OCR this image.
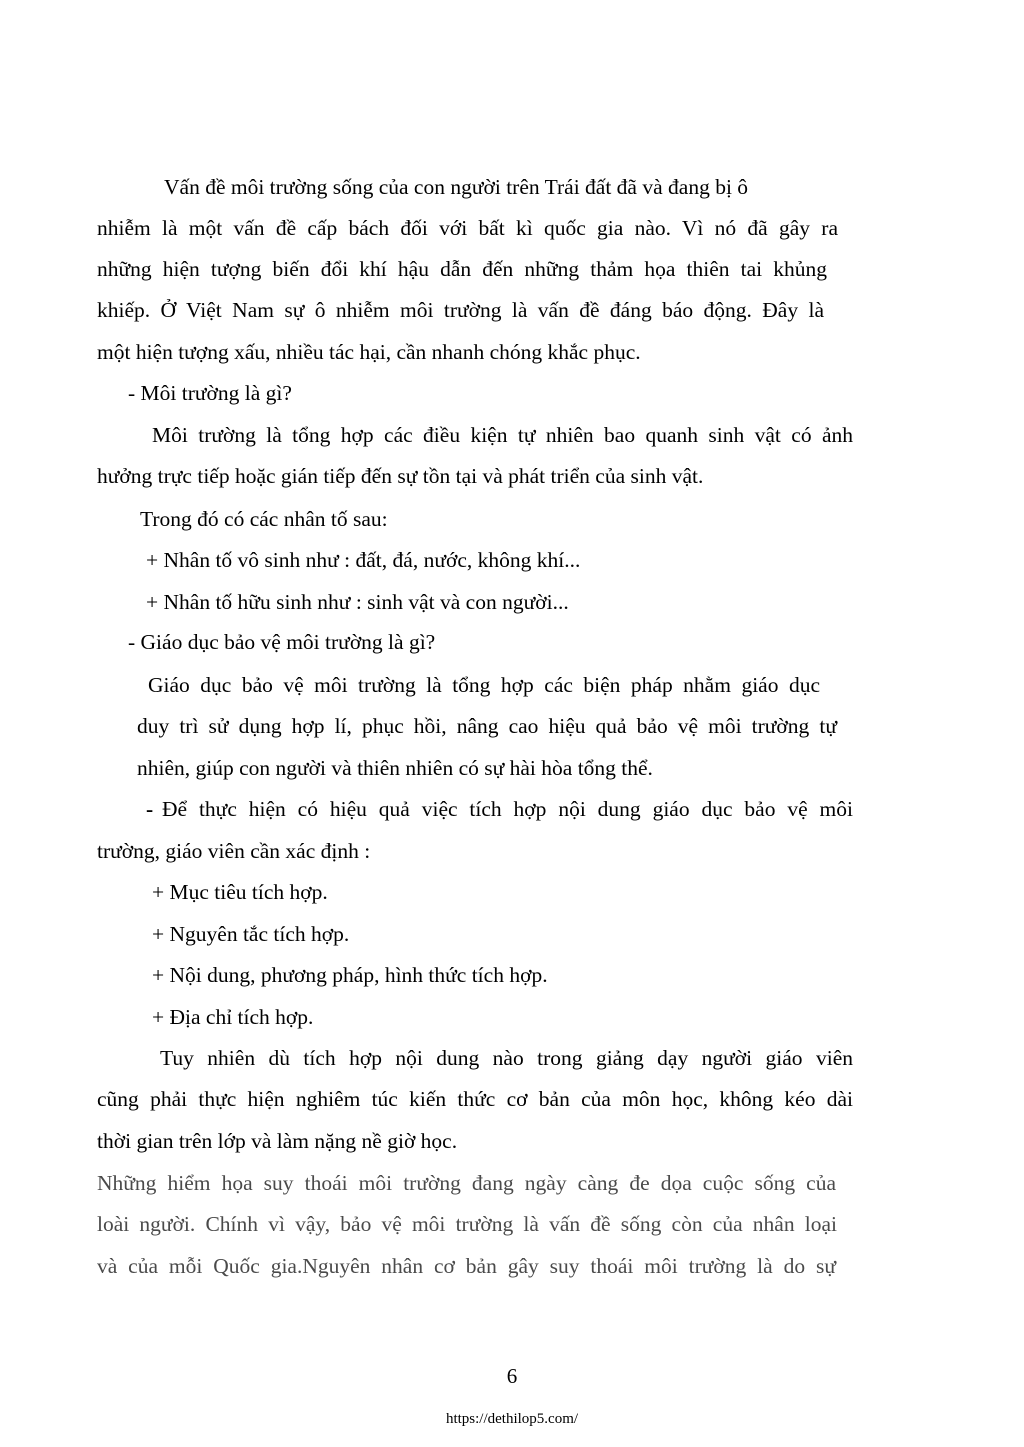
Vấn đề môi trường sống của con người trên Trái đất đã và đang bị ô
nhiễm là một vấn đề cấp bách đối với bất kì quốc gia nào. Vì nó đã gây ra
những hiện tượng biến đổi khí hậu dẫn đến những thảm họa thiên tai khủng
khiếp. Ở Việt Nam sự ô nhiễm môi trường là vấn đề đáng báo động. Đây là
một hiện tượng xấu, nhiều tác hại, cần nhanh chóng khắc phục.
- Môi trường là gì?
Môi trường là tổng hợp các điều kiện tự nhiên bao quanh sinh vật có ảnh
hưởng trực tiếp hoặc gián tiếp đến sự tồn tại và phát triển của sinh vật.
Trong đó có các nhân tố sau:
+ Nhân tố vô sinh như : đất, đá, nước, không khí...
+ Nhân tố hữu sinh như : sinh vật và con người...
- Giáo dục bảo vệ môi trường là gì?
Giáo dục bảo vệ môi trường là tổng hợp các biện pháp nhằm giáo dục
duy trì sử dụng hợp lí, phục hồi, nâng cao hiệu quả bảo vệ môi trường tự
nhiên, giúp con người và thiên nhiên có sự hài hòa tổng thể.
- Để thực hiện có hiệu quả việc tích hợp nội dung giáo dục bảo vệ môi
trường, giáo viên cần xác định :
+ Mục tiêu tích hợp.
+ Nguyên tắc tích hợp.
+ Nội dung, phương pháp, hình thức tích hợp.
+ Địa chỉ tích hợp.
Tuy nhiên dù tích hợp nội dung nào trong giảng dạy người giáo viên
cũng phải thực hiện nghiêm túc kiến thức cơ bản của môn học, không kéo dài
thời gian trên lớp và làm nặng nề giờ học.
Những hiểm họa suy thoái môi trường đang ngày càng đe dọa cuộc sống của
loài người. Chính vì vậy, bảo vệ môi trường là vấn đề sống còn của nhân loại
và của mỗi Quốc gia.Nguyên nhân cơ bản gây suy thoái môi trường là do sự
6
https://dethilop5.com/
